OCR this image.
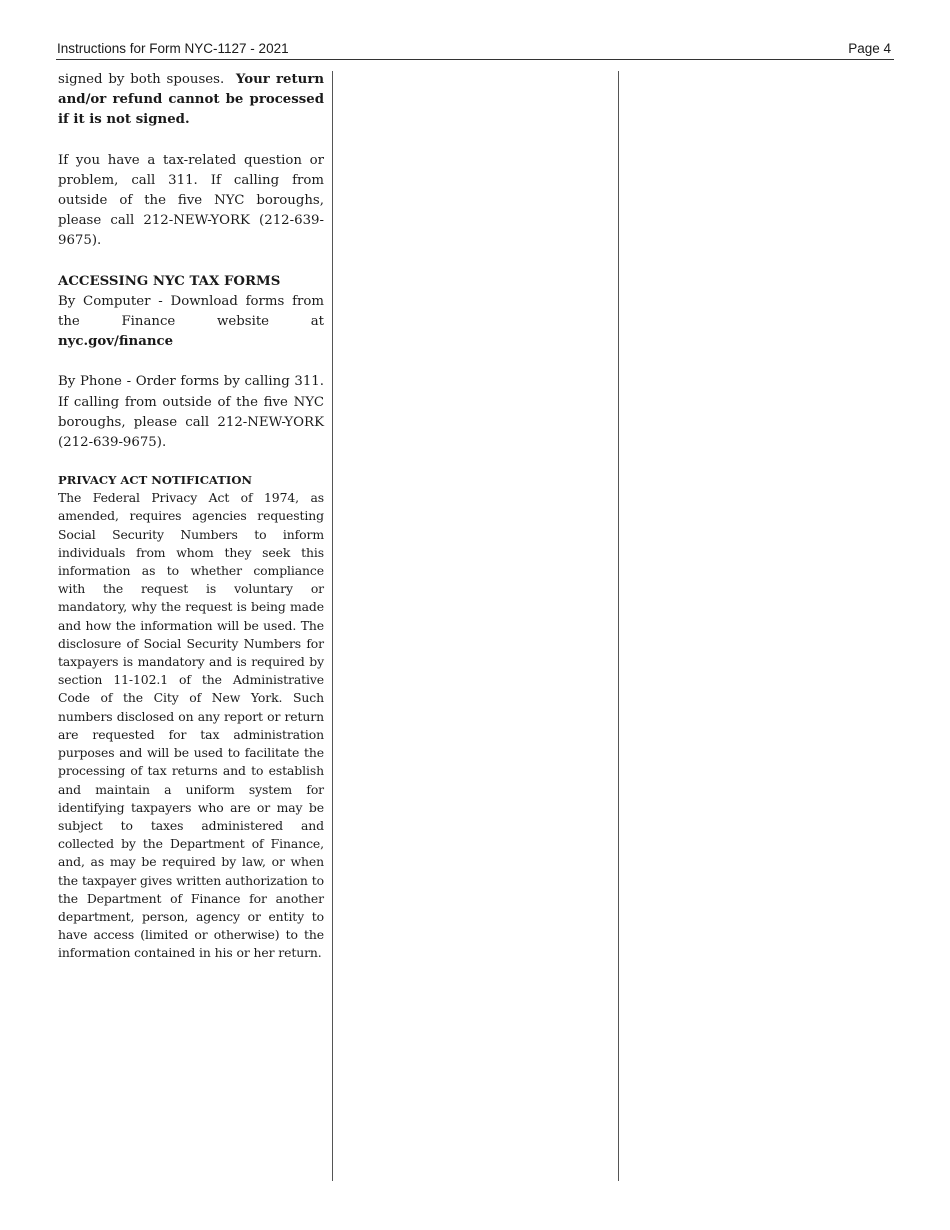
Instructions for Form NYC-1127 - 2021	Page 4

signed by both spouses. Your return and/or refund cannot be processed if it is not signed.

If you have a tax-related question or problem, call 311. If calling from outside of the five NYC boroughs, please call 212-NEW-YORK (212-639-9675).

ACCESSING NYC TAX FORMS

By Computer - Download forms from the Finance website at nyc.gov/finance

By Phone - Order forms by calling 311. If calling from outside of the five NYC boroughs, please call 212-NEW-YORK (212-639-9675).

PRIVACY ACT NOTIFICATION

The Federal Privacy Act of 1974, as amended, requires agencies requesting Social Security Numbers to inform individuals from whom they seek this information as to whether compliance with the request is voluntary or mandatory, why the request is being made and how the information will be used. The disclosure of Social Security Numbers for taxpayers is mandatory and is required by section 11-102.1 of the Administrative Code of the City of New York. Such numbers disclosed on any report or return are requested for tax administration purposes and will be used to facilitate the processing of tax returns and to establish and maintain a uniform system for identifying taxpayers who are or may be subject to taxes administered and collected by the Department of Finance, and, as may be required by law, or when the taxpayer gives written authorization to the Department of Finance for another department, person, agency or entity to have access (limited or otherwise) to the information contained in his or her return.
